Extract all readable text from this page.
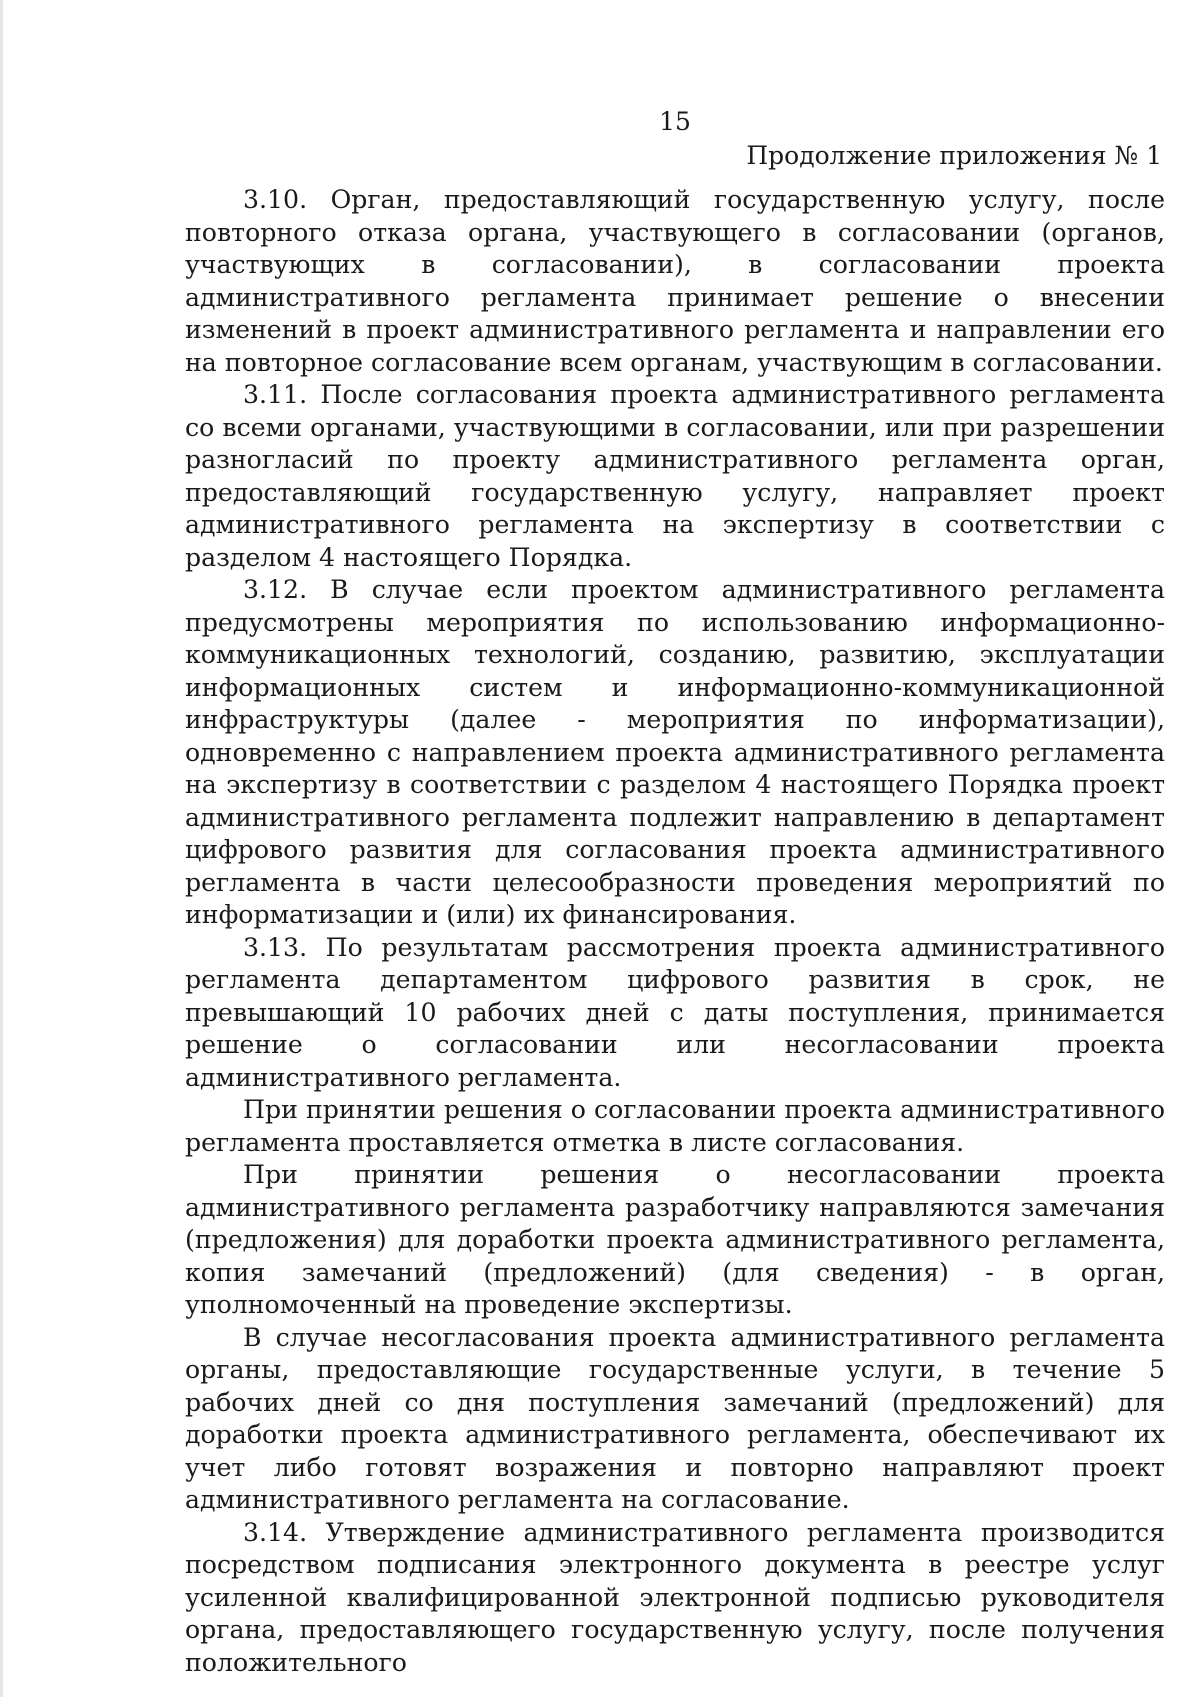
15
Продолжение приложения № 1

3.10. Орган, предоставляющий государственную услугу, после повторного отказа органа, участвующего в согласовании (органов, участвующих в согласовании), в согласовании проекта административного регламента принимает решение о внесении изменений в проект административного регламента и направлении его на повторное согласование всем органам, участвующим в согласовании.

3.11. После согласования проекта административного регламента со всеми органами, участвующими в согласовании, или при разрешении разногласий по проекту административного регламента орган, предоставляющий государственную услугу, направляет проект административного регламента на экспертизу в соответствии с разделом 4 настоящего Порядка.

3.12. В случае если проектом административного регламента предусмотрены мероприятия по использованию информационно-коммуникационных технологий, созданию, развитию, эксплуатации информационных систем и информационно-коммуникационной инфраструктуры (далее - мероприятия по информатизации), одновременно с направлением проекта административного регламента на экспертизу в соответствии с разделом 4 настоящего Порядка проект административного регламента подлежит направлению в департамент цифрового развития для согласования проекта административного регламента в части целесообразности проведения мероприятий по информатизации и (или) их финансирования.

3.13. По результатам рассмотрения проекта административного регламента департаментом цифрового развития в срок, не превышающий 10 рабочих дней с даты поступления, принимается решение о согласовании или несогласовании проекта административного регламента.

При принятии решения о согласовании проекта административного регламента проставляется отметка в листе согласования.

При принятии решения о несогласовании проекта административного регламента разработчику направляются замечания (предложения) для доработки проекта административного регламента, копия замечаний (предложений) (для сведения) - в орган, уполномоченный на проведение экспертизы.

В случае несогласования проекта административного регламента органы, предоставляющие государственные услуги, в течение 5 рабочих дней со дня поступления замечаний (предложений) для доработки проекта административного регламента, обеспечивают их учет либо готовят возражения и повторно направляют проект административного регламента на согласование.

3.14. Утверждение административного регламента производится посредством подписания электронного документа в реестре услуг усиленной квалифицированной электронной подписью руководителя органа, предоставляющего государственную услугу, после получения положительного
